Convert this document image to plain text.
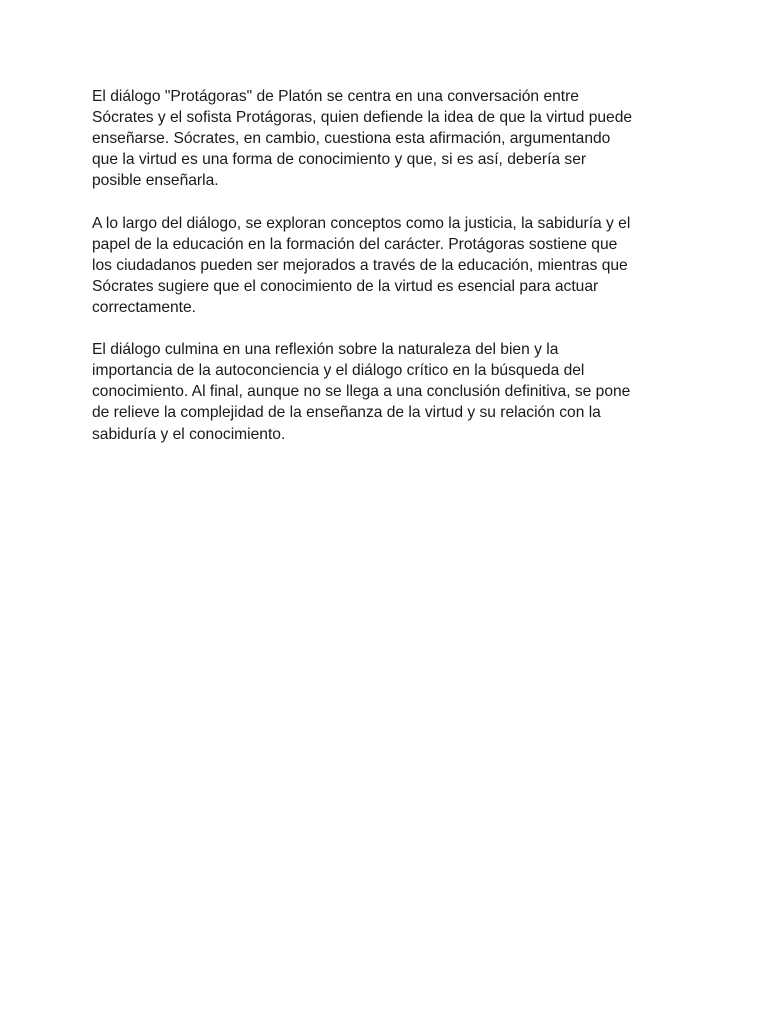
El diálogo "Protágoras" de Platón se centra en una conversación entre
Sócrates y el sofista Protágoras, quien defiende la idea de que la virtud puede
enseñarse. Sócrates, en cambio, cuestiona esta afirmación, argumentando
que la virtud es una forma de conocimiento y que, si es así, debería ser
posible enseñarla.

A lo largo del diálogo, se exploran conceptos como la justicia, la sabiduría y el
papel de la educación en la formación del carácter. Protágoras sostiene que
los ciudadanos pueden ser mejorados a través de la educación, mientras que
Sócrates sugiere que el conocimiento de la virtud es esencial para actuar
correctamente.

El diálogo culmina en una reflexión sobre la naturaleza del bien y la
importancia de la autoconciencia y el diálogo crítico en la búsqueda del
conocimiento. Al final, aunque no se llega a una conclusión definitiva, se pone
de relieve la complejidad de la enseñanza de la virtud y su relación con la
sabiduría y el conocimiento.
